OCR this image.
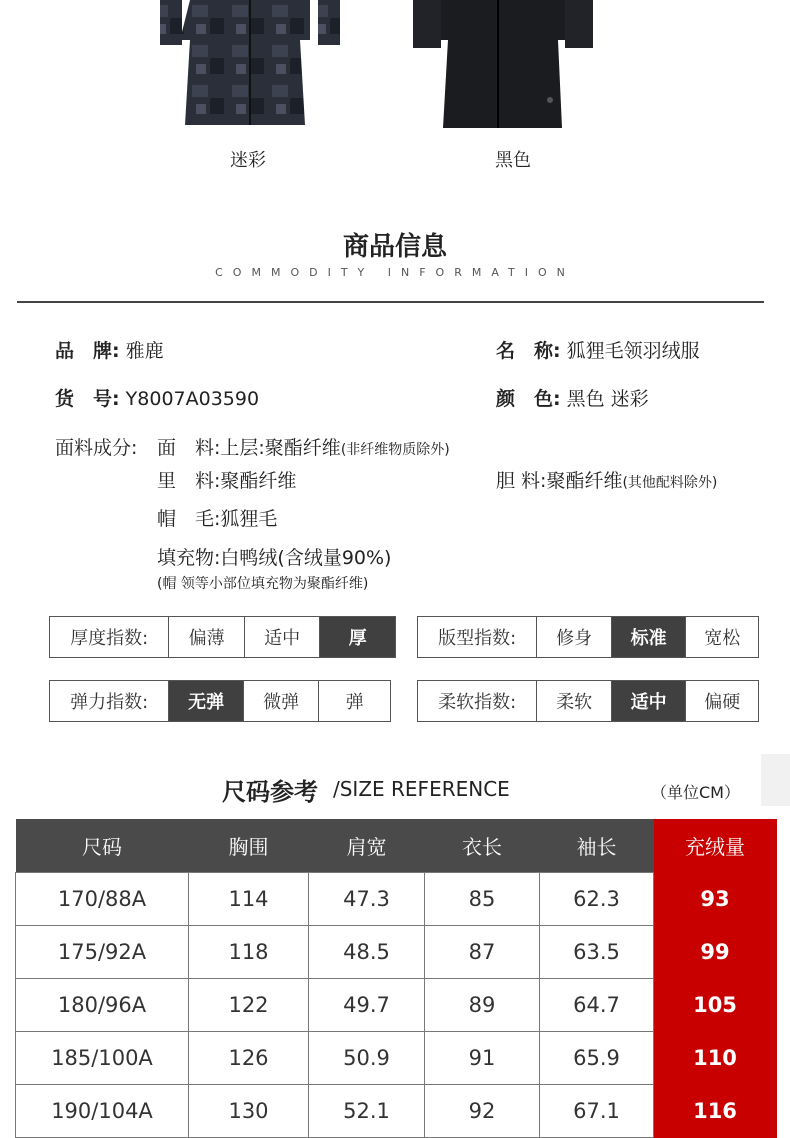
迷彩	黑色
商品信息
COMMODITY INFORMATION
品　牌: 雅鹿	名　称: 狐狸毛领羽绒服
货　号: Y8007A03590	颜　色: 黑色 迷彩
面料成分: 面　料:上层:聚酯纤维(非纤维物质除外)
里　料:聚酯纤维	胆 料:聚酯纤维(其他配料除外)
帽　毛:狐狸毛
填充物:白鸭绒(含绒量90%)
(帽 领等小部位填充物为聚酯纤维)
厚度指数:	偏薄	适中	厚	版型指数:	修身	标准	宽松
弹力指数:	无弹	微弹	弹	柔软指数:	柔软	适中	偏硬
尺码参考 /SIZE REFERENCE	（单位CM）
尺码	胸围	肩宽	衣长	袖长	充绒量
170/88A	114	47.3	85	62.3	93
175/92A	118	48.5	87	63.5	99
180/96A	122	49.7	89	64.7	105
185/100A	126	50.9	91	65.9	110
190/104A	130	52.1	92	67.1	116
